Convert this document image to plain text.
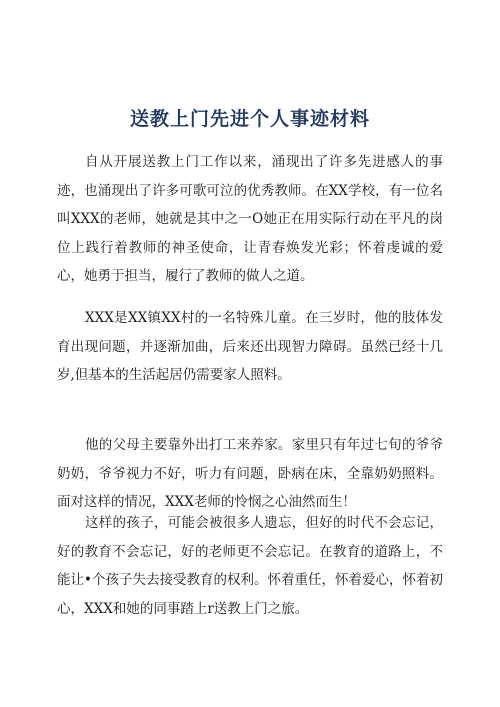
送教上门先进个人事迹材料

自从开展送教上门工作以来，涌现出了许多先进感人的事迹，也涌现出了许多可歌可泣的优秀教师。在XX学校，有一位名叫XXX的老师，她就是其中之一O她正在用实际行动在平凡的岗位上践行着教师的神圣使命，让青春焕发光彩；怀着虔诚的爱心，她勇于担当，履行了教师的做人之道。

XXX是XX镇XX村的一名特殊儿童。在三岁时，他的肢体发育出现问题，并逐渐加曲，后来还出现智力障碍。虽然已经十几岁,但基本的生活起居仍需要家人照料。

他的父母主要靠外出打工来养家。家里只有年过七旬的爷爷奶奶，爷爷视力不好，听力有问题，卧病在床，全靠奶奶照料。面对这样的情况，XXX老师的怜悯之心油然而生！

这样的孩子，可能会被很多人遗忘，但好的时代不会忘记，好的教育不会忘记，好的老师更不会忘记。在教育的道路上，不能让•个孩子失去接受教育的权利。怀着重任，怀着爱心，怀着初心，XXX和她的同事踏上r送教上门之旅。
